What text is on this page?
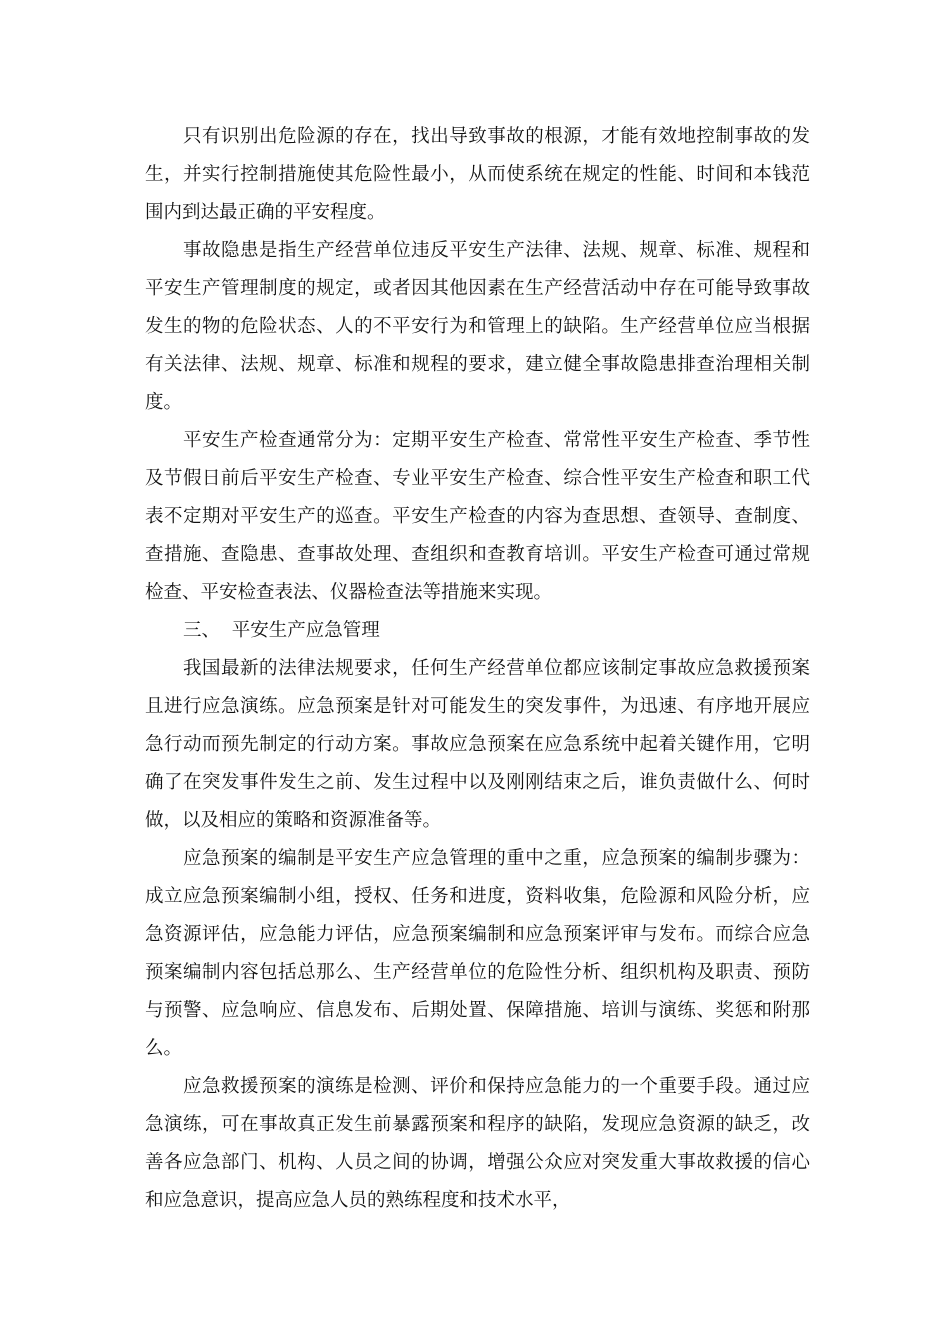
只有识别出危险源的存在，找出导致事故的根源，才能有效地控制事故的发生，并实行控制措施使其危险性最小，从而使系统在规定的性能、时间和本钱范围内到达最正确的平安程度。

事故隐患是指生产经营单位违反平安生产法律、法规、规章、标准、规程和平安生产管理制度的规定，或者因其他因素在生产经营活动中存在可能导致事故发生的物的危险状态、人的不平安行为和管理上的缺陷。生产经营单位应当根据有关法律、法规、规章、标准和规程的要求，建立健全事故隐患排查治理相关制度。

平安生产检查通常分为：定期平安生产检查、常常性平安生产检查、季节性及节假日前后平安生产检查、专业平安生产检查、综合性平安生产检查和职工代表不定期对平安生产的巡查。平安生产检查的内容为查思想、查领导、查制度、查措施、查隐患、查事故处理、查组织和查教育培训。平安生产检查可通过常规检查、平安检查表法、仪器检查法等措施来实现。

三、  平安生产应急管理

我国最新的法律法规要求，任何生产经营单位都应该制定事故应急救援预案且进行应急演练。应急预案是针对可能发生的突发事件，为迅速、有序地开展应急行动而预先制定的行动方案。事故应急预案在应急系统中起着关键作用，它明确了在突发事件发生之前、发生过程中以及刚刚结束之后，谁负责做什么、何时做，以及相应的策略和资源准备等。

应急预案的编制是平安生产应急管理的重中之重，应急预案的编制步骤为：成立应急预案编制小组，授权、任务和进度，资料收集，危险源和风险分析，应急资源评估，应急能力评估，应急预案编制和应急预案评审与发布。而综合应急预案编制内容包括总那么、生产经营单位的危险性分析、组织机构及职责、预防与预警、应急响应、信息发布、后期处置、保障措施、培训与演练、奖惩和附那么。

应急救援预案的演练是检测、评价和保持应急能力的一个重要手段。通过应急演练，可在事故真正发生前暴露预案和程序的缺陷，发现应急资源的缺乏，改善各应急部门、机构、人员之间的协调，增强公众应对突发重大事故救援的信心和应急意识，提高应急人员的熟练程度和技术水平，
